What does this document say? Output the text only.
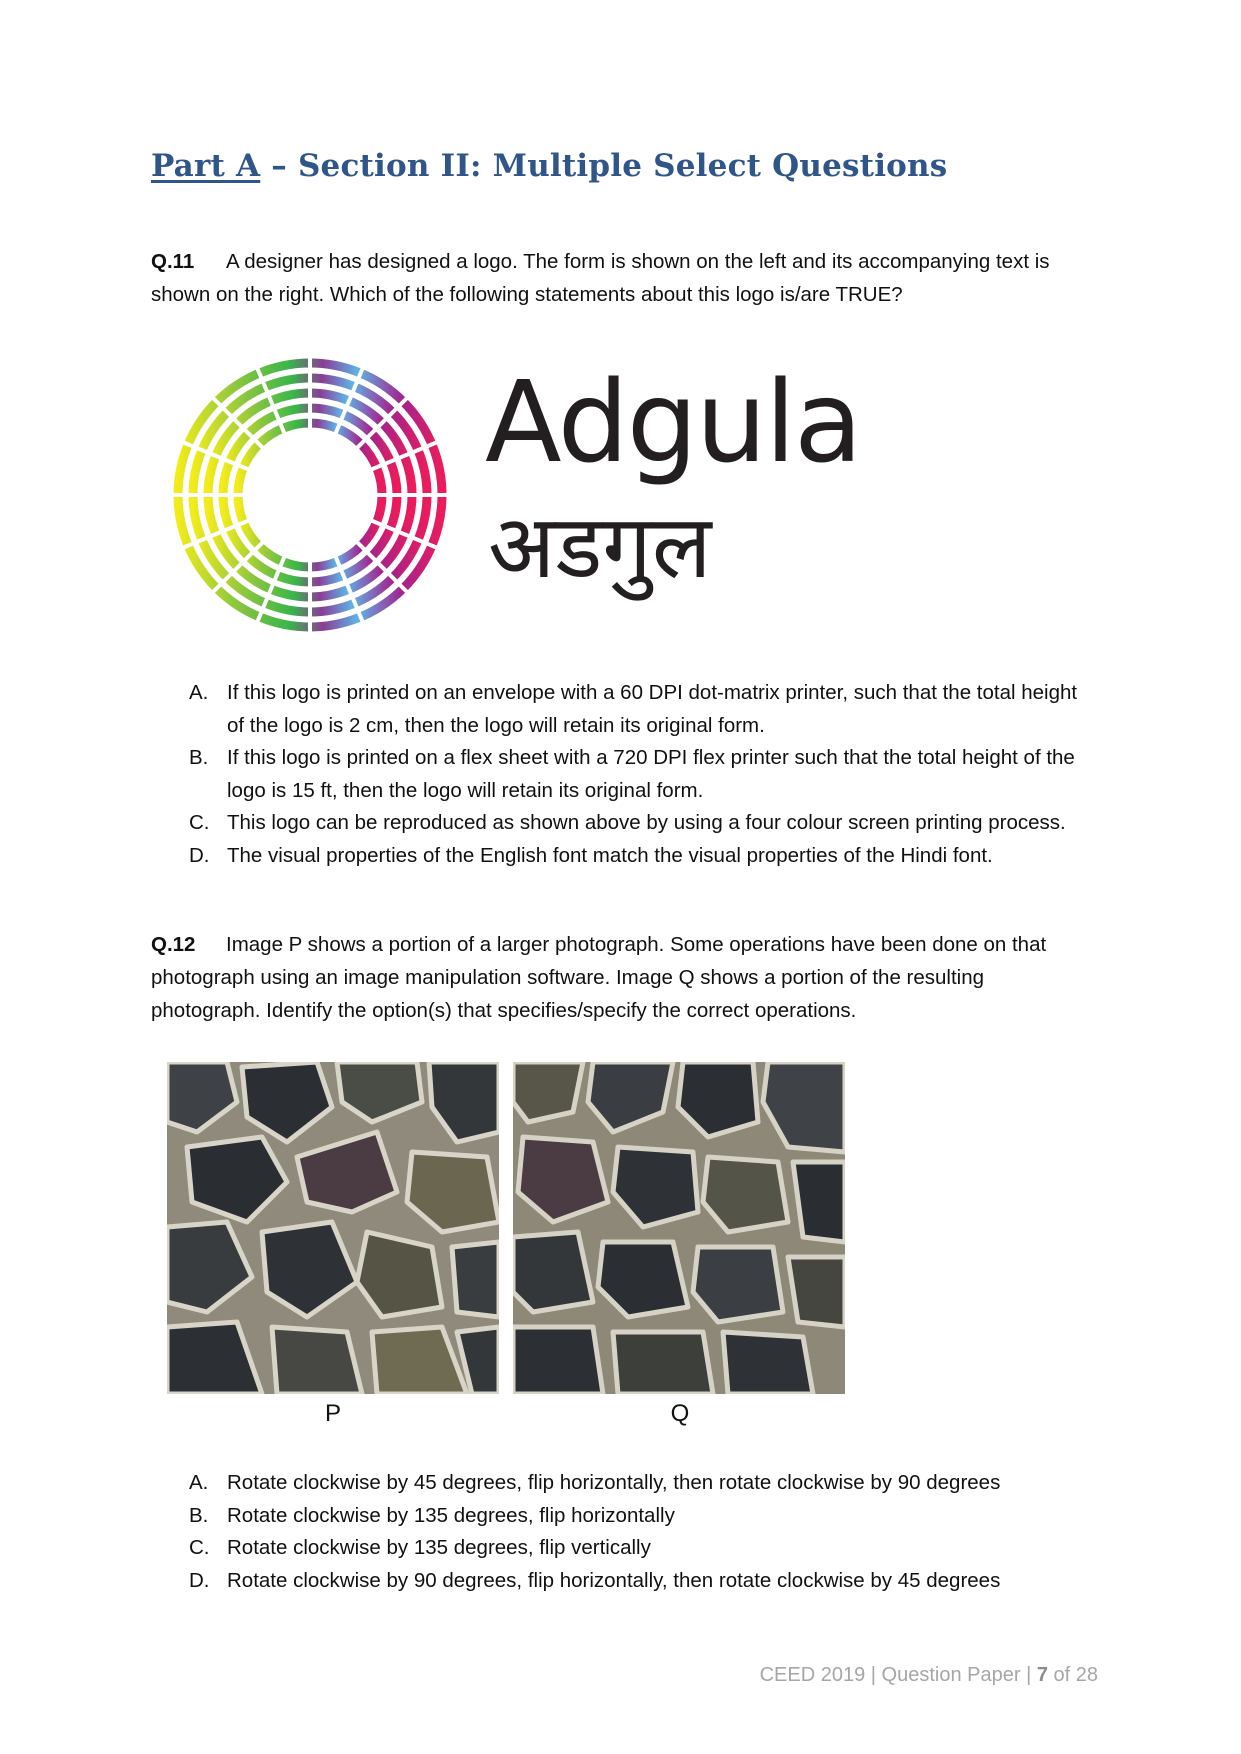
Part A – Section II: Multiple Select Questions

Q.11 A designer has designed a logo. The form is shown on the left and its accompanying text is shown on the right. Which of the following statements about this logo is/are TRUE?

Adgula
अडगुल
A. If this logo is printed on an envelope with a 60 DPI dot-matrix printer, such that the total height of the logo is 2 cm, then the logo will retain its original form.
B. If this logo is printed on a flex sheet with a 720 DPI flex printer such that the total height of the logo is 15 ft, then the logo will retain its original form.
C. This logo can be reproduced as shown above by using a four colour screen printing process.
D. The visual properties of the English font match the visual properties of the Hindi font.

Q.12 Image P shows a portion of a larger photograph. Some operations have been done on that photograph using an image manipulation software. Image Q shows a portion of the resulting photograph. Identify the option(s) that specifies/specify the correct operations.

P	Q
A. Rotate clockwise by 45 degrees, flip horizontally, then rotate clockwise by 90 degrees
B. Rotate clockwise by 135 degrees, flip horizontally
C. Rotate clockwise by 135 degrees, flip vertically
D. Rotate clockwise by 90 degrees, flip horizontally, then rotate clockwise by 45 degrees

CEED 2019 | Question Paper | 7 of 28
